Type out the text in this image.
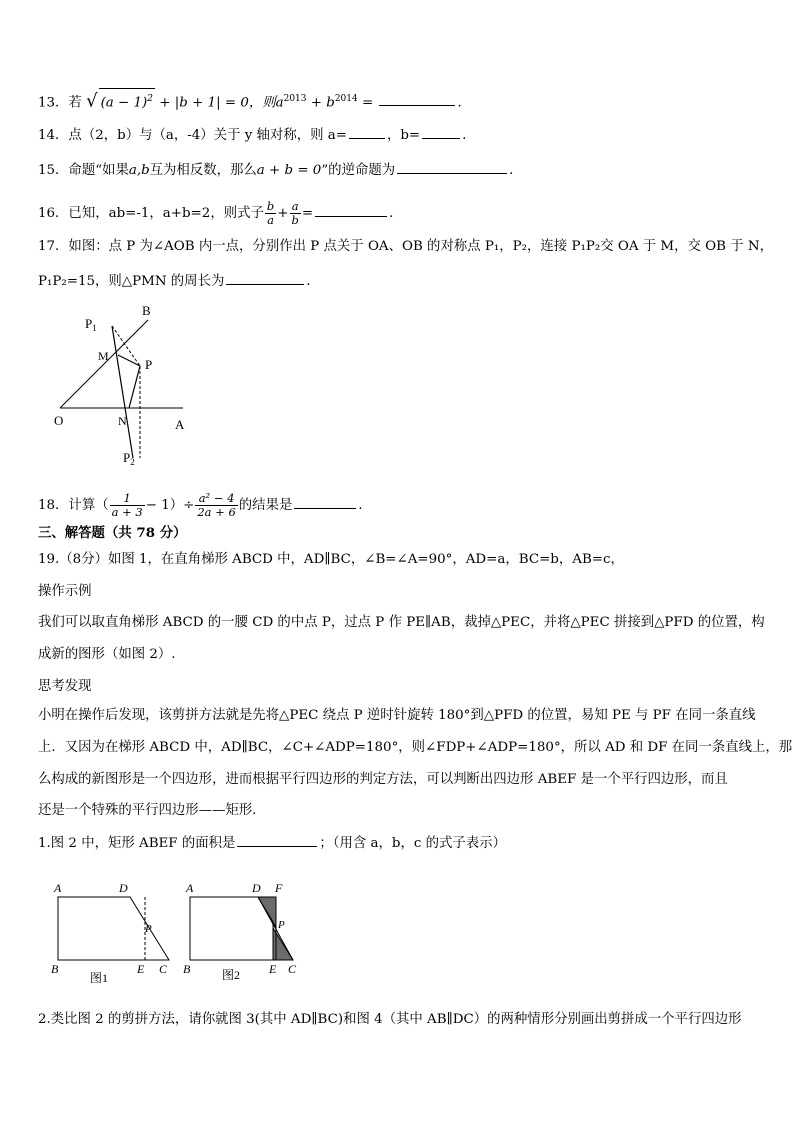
13．若 √ $(a - 1)^2 + |b + 1| = 0$，则$a^{2013} + b^{2014}$ =	．
14．点（2，b）与（a，-4）关于 y 轴对称，则 a=	，b=	.
15．命题“如果a,b互为相反数，那么a + b = 0”的逆命题为	．
16．已知，ab=-1，a+b=2，则式子 $\frac{b}{a} + \frac{a}{b}$ =	.
17．如图：点 P 为∠AOB 内一点，分别作出 P 点关于 OA、OB 的对称点 P₁，P₂，连接 P₁P₂交 OA 于 M，交 OB 于 N，
P₁P₂=15，则△PMN 的周长为	．
B
$P_1$
M
P
O	N	A
$P_2$
18．计算（ $\frac{1}{a + 3} - 1)\div \frac{\text{a² − 4}}{2a + 6}$ 的结果是	．
三、解答题（共 78 分）
19.（8分）如图 1，在直角梯形 ABCD 中，AD∥BC，∠B=∠A=90°，AD=a，BC=b，AB=c，
操作示例
我们可以取直角梯形 ABCD 的一腰 CD 的中点 P，过点 P 作 PE∥AB，裁掉△PEC，并将△PEC 拼接到△PFD 的位置，构
成新的图形（如图 2）.
思考发现
小明在操作后发现，该剪拼方法就是先将△PEC 绕点 P 逆时针旋转 180°到△PFD 的位置，易知 PE 与 PF 在同一条直线
上．又因为在梯形 ABCD 中，AD∥BC，∠C+∠ADP=180°，则∠FDP+∠ADP=180°，所以 AD 和 DF 在同一条直线上，那
么构成的新图形是一个四边形，进而根据平行四边形的判定方法，可以判断出四边形 ABEF 是一个平行四边形，而且
还是一个特殊的平行四边形——矩形．
1.图 2 中，矩形 ABEF 的面积是	；（用含 a，b，c 的式子表示）
A	D
P
B	E C
图1
A	D F
P
B	E C
图2
2.类比图 2 的剪拼方法，请你就图 3(其中 AD∥BC)和图 4（其中 AB∥DC）的两种情形分别画出剪拼成一个平行四边形
